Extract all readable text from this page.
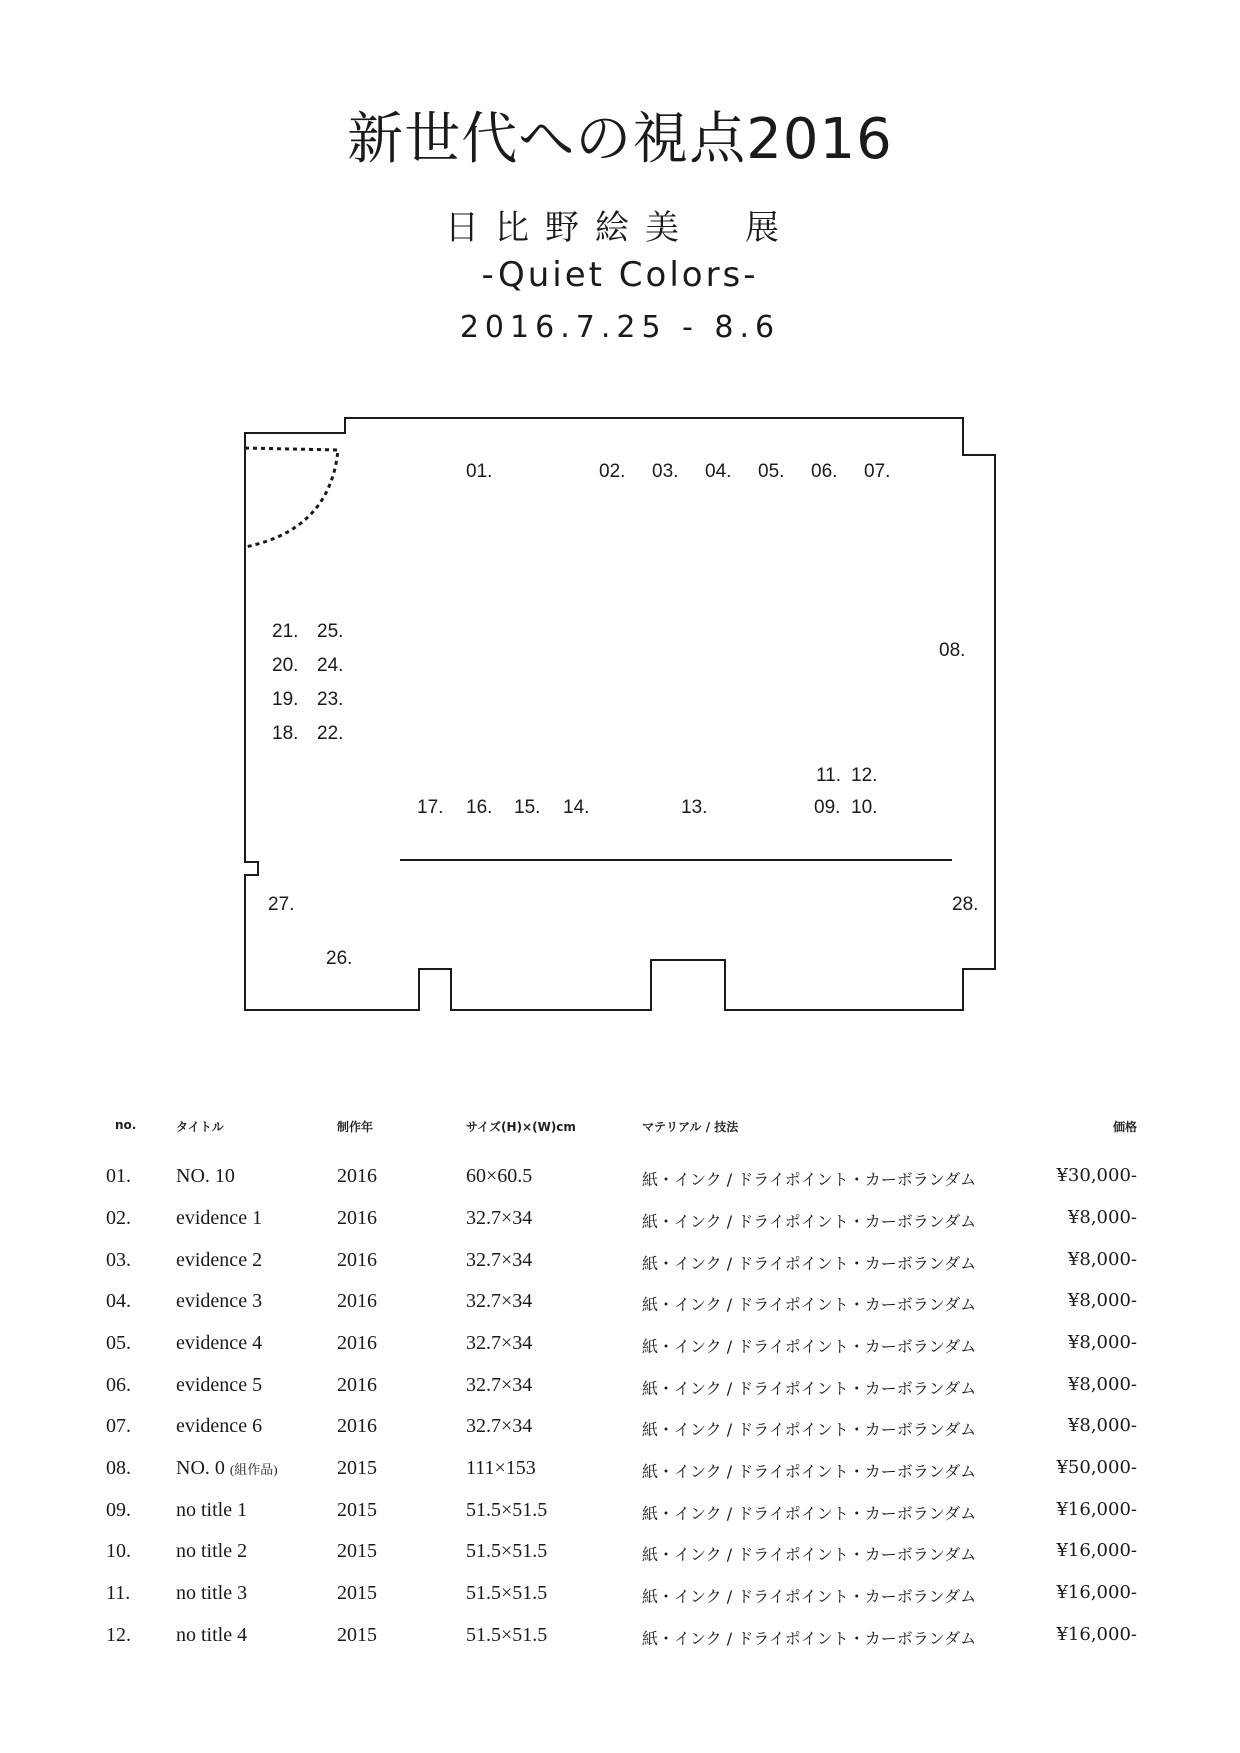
新世代への視点2016
日比野絵美　展
-Quiet Colors-
2016.7.25 - 8.6
01.	02. 03. 04. 05. 06. 07.
08.
09. 10.
11. 12.
13.
14.
15.
16.
17.
18.
19.
20.
21.
22.
23.
24.
25.
26.
27.	28.
no.	タイトル	制作年	サイズ(H)×(W)cm	マテリアル / 技法	価格
01. NO. 10	2016	60×60.5	紙・インク / ドライポイント・カーボランダム	¥30,000-
02. evidence 1	2016	32.7×34	紙・インク / ドライポイント・カーボランダム	¥8,000-
03. evidence 2	2016	32.7×34	紙・インク / ドライポイント・カーボランダム	¥8,000-
04. evidence 3	2016	32.7×34	紙・インク / ドライポイント・カーボランダム	¥8,000-
05. evidence 4	2016	32.7×34	紙・インク / ドライポイント・カーボランダム	¥8,000-
06. evidence 5	2016	32.7×34	紙・インク / ドライポイント・カーボランダム	¥8,000-
07. evidence 6	2016	32.7×34	紙・インク / ドライポイント・カーボランダム	¥8,000-
08. NO. 0 (組作品)	2015	111×153	紙・インク / ドライポイント・カーボランダム	¥50,000-
09. no title 1	2015	51.5×51.5	紙・インク / ドライポイント・カーボランダム	¥16,000-
10. no title 2	2015	51.5×51.5	紙・インク / ドライポイント・カーボランダム	¥16,000-
11. no title 3	2015	51.5×51.5	紙・インク / ドライポイント・カーボランダム	¥16,000-
12. no title 4	2015	51.5×51.5	紙・インク / ドライポイント・カーボランダム	¥16,000-
